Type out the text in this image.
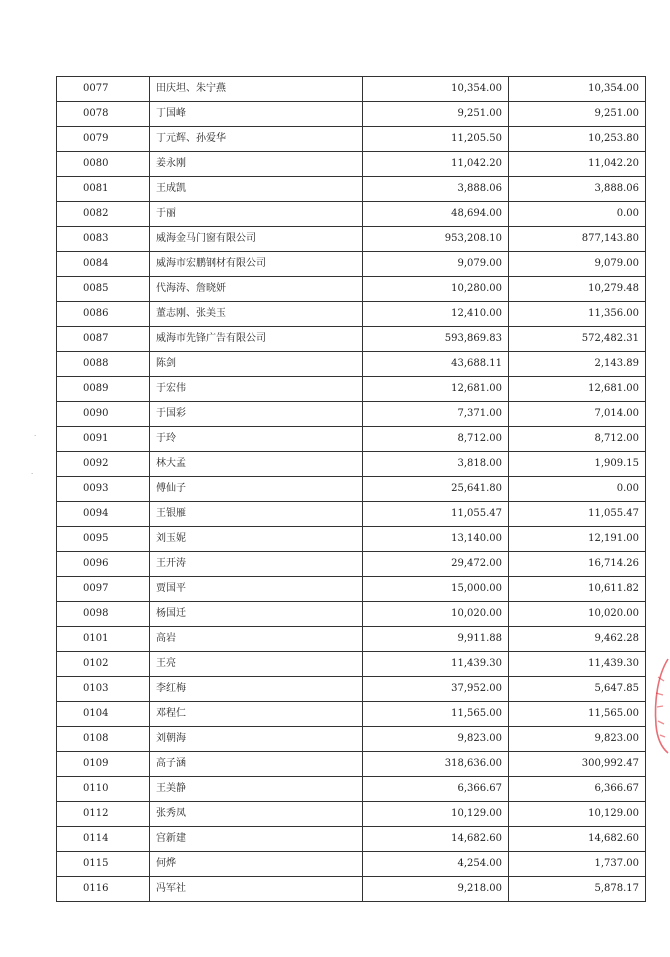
0077	田庆坦、朱宁燕	10,354.00	10,354.00
0078	丁国峰	9,251.00	9,251.00
0079	丁元辉、孙爱华	11,205.50	10,253.80
0080	姜永刚	11,042.20	11,042.20
0081	王成凯	3,888.06	3,888.06
0082	于丽	48,694.00	0.00
0083	威海金马门窗有限公司	953,208.10	877,143.80
0084	威海市宏鹏钢材有限公司	9,079.00	9,079.00
0085	代海涛、詹晓妍	10,280.00	10,279.48
0086	董志刚、张美玉	12,410.00	11,356.00
0087	威海市先锋广告有限公司	593,869.83	572,482.31
0088	陈剑	43,688.11	2,143.89
0089	于宏伟	12,681.00	12,681.00
0090	于国彩	7,371.00	7,014.00
0091	于玲	8,712.00	8,712.00
0092	林大孟	3,818.00	1,909.15
0093	傅仙子	25,641.80	0.00
0094	王银雁	11,055.47	11,055.47
0095	刘玉妮	13,140.00	12,191.00
0096	王开涛	29,472.00	16,714.26
0097	贾国平	15,000.00	10,611.82
0098	杨国迁	10,020.00	10,020.00
0101	高岩	9,911.88	9,462.28
0102	王亮	11,439.30	11,439.30
0103	李红梅	37,952.00	5,647.85
0104	邓程仁	11,565.00	11,565.00
0108	刘朝海	9,823.00	9,823.00
0109	高子涵	318,636.00	300,992.47
0110	王美静	6,366.67	6,366.67
0112	张秀凤	10,129.00	10,129.00
0114	宫新建	14,682.60	14,682.60
0115	何烨	4,254.00	1,737.00
0116	冯军社	9,218.00	5,878.17
·
·
